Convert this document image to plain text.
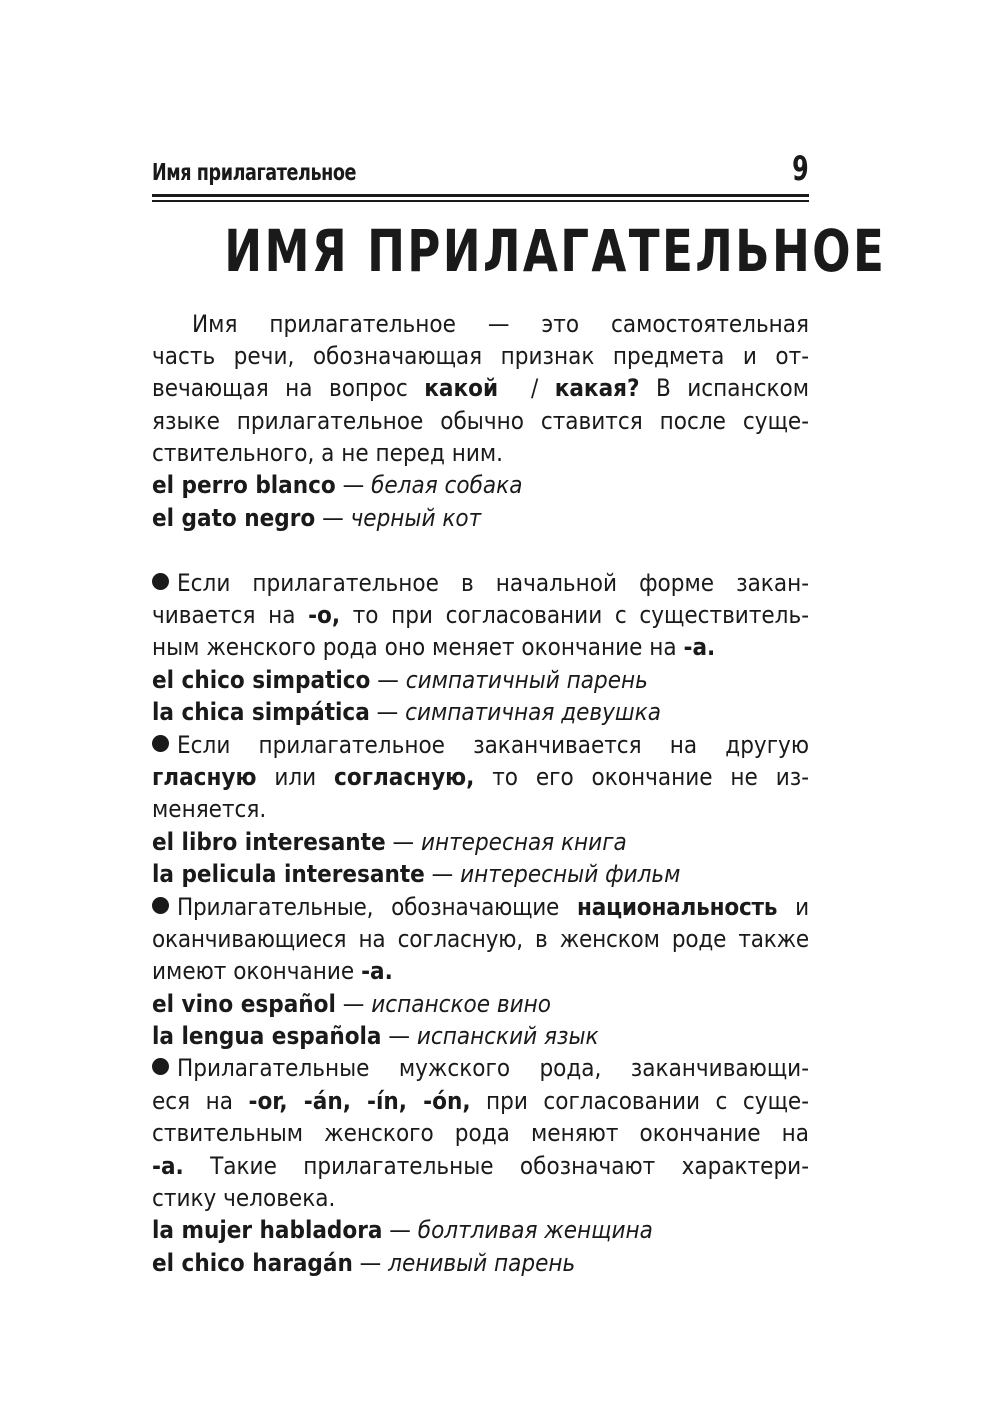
Имя прилагательное	9
ИМЯ ПРИЛАГАТЕЛЬНОЕ
Имя прилагательное — это самостоятельная
часть речи, обозначающая признак предмета и от-
вечающая на вопрос какой  / какая? В испанском
языке прилагательное обычно ставится после суще-
ствительного, а не перед ним.
el perro blanco — белая собака
el gato negro — черный кот
Если прилагательное в начальной форме закан-
чивается на -o, то при согласовании с существитель-
ным женского рода оно меняет окончание на -a.
el chico simpatico — симпатичный парень
la chica simpática — симпатичная девушка
Если прилагательное заканчивается на другую
гласную или согласную, то его окончание не из-
меняется.
el libro interesante — интересная книга
la pelicula interesante — интересный фильм
Прилагательные, обозначающие национальность и
оканчивающиеся на согласную, в женском роде также
имеют окончание -a.
el vino español — испанское вино
la lengua española — испанский язык
Прилагательные мужского рода, заканчивающи-
еся на -or, -án, -ín, -ón, при согласовании с суще-
ствительным женского рода меняют окончание на
-a. Такие прилагательные обозначают характери-
стику человека.
la mujer habladora — болтливая женщина
el chico haragán — ленивый парень
